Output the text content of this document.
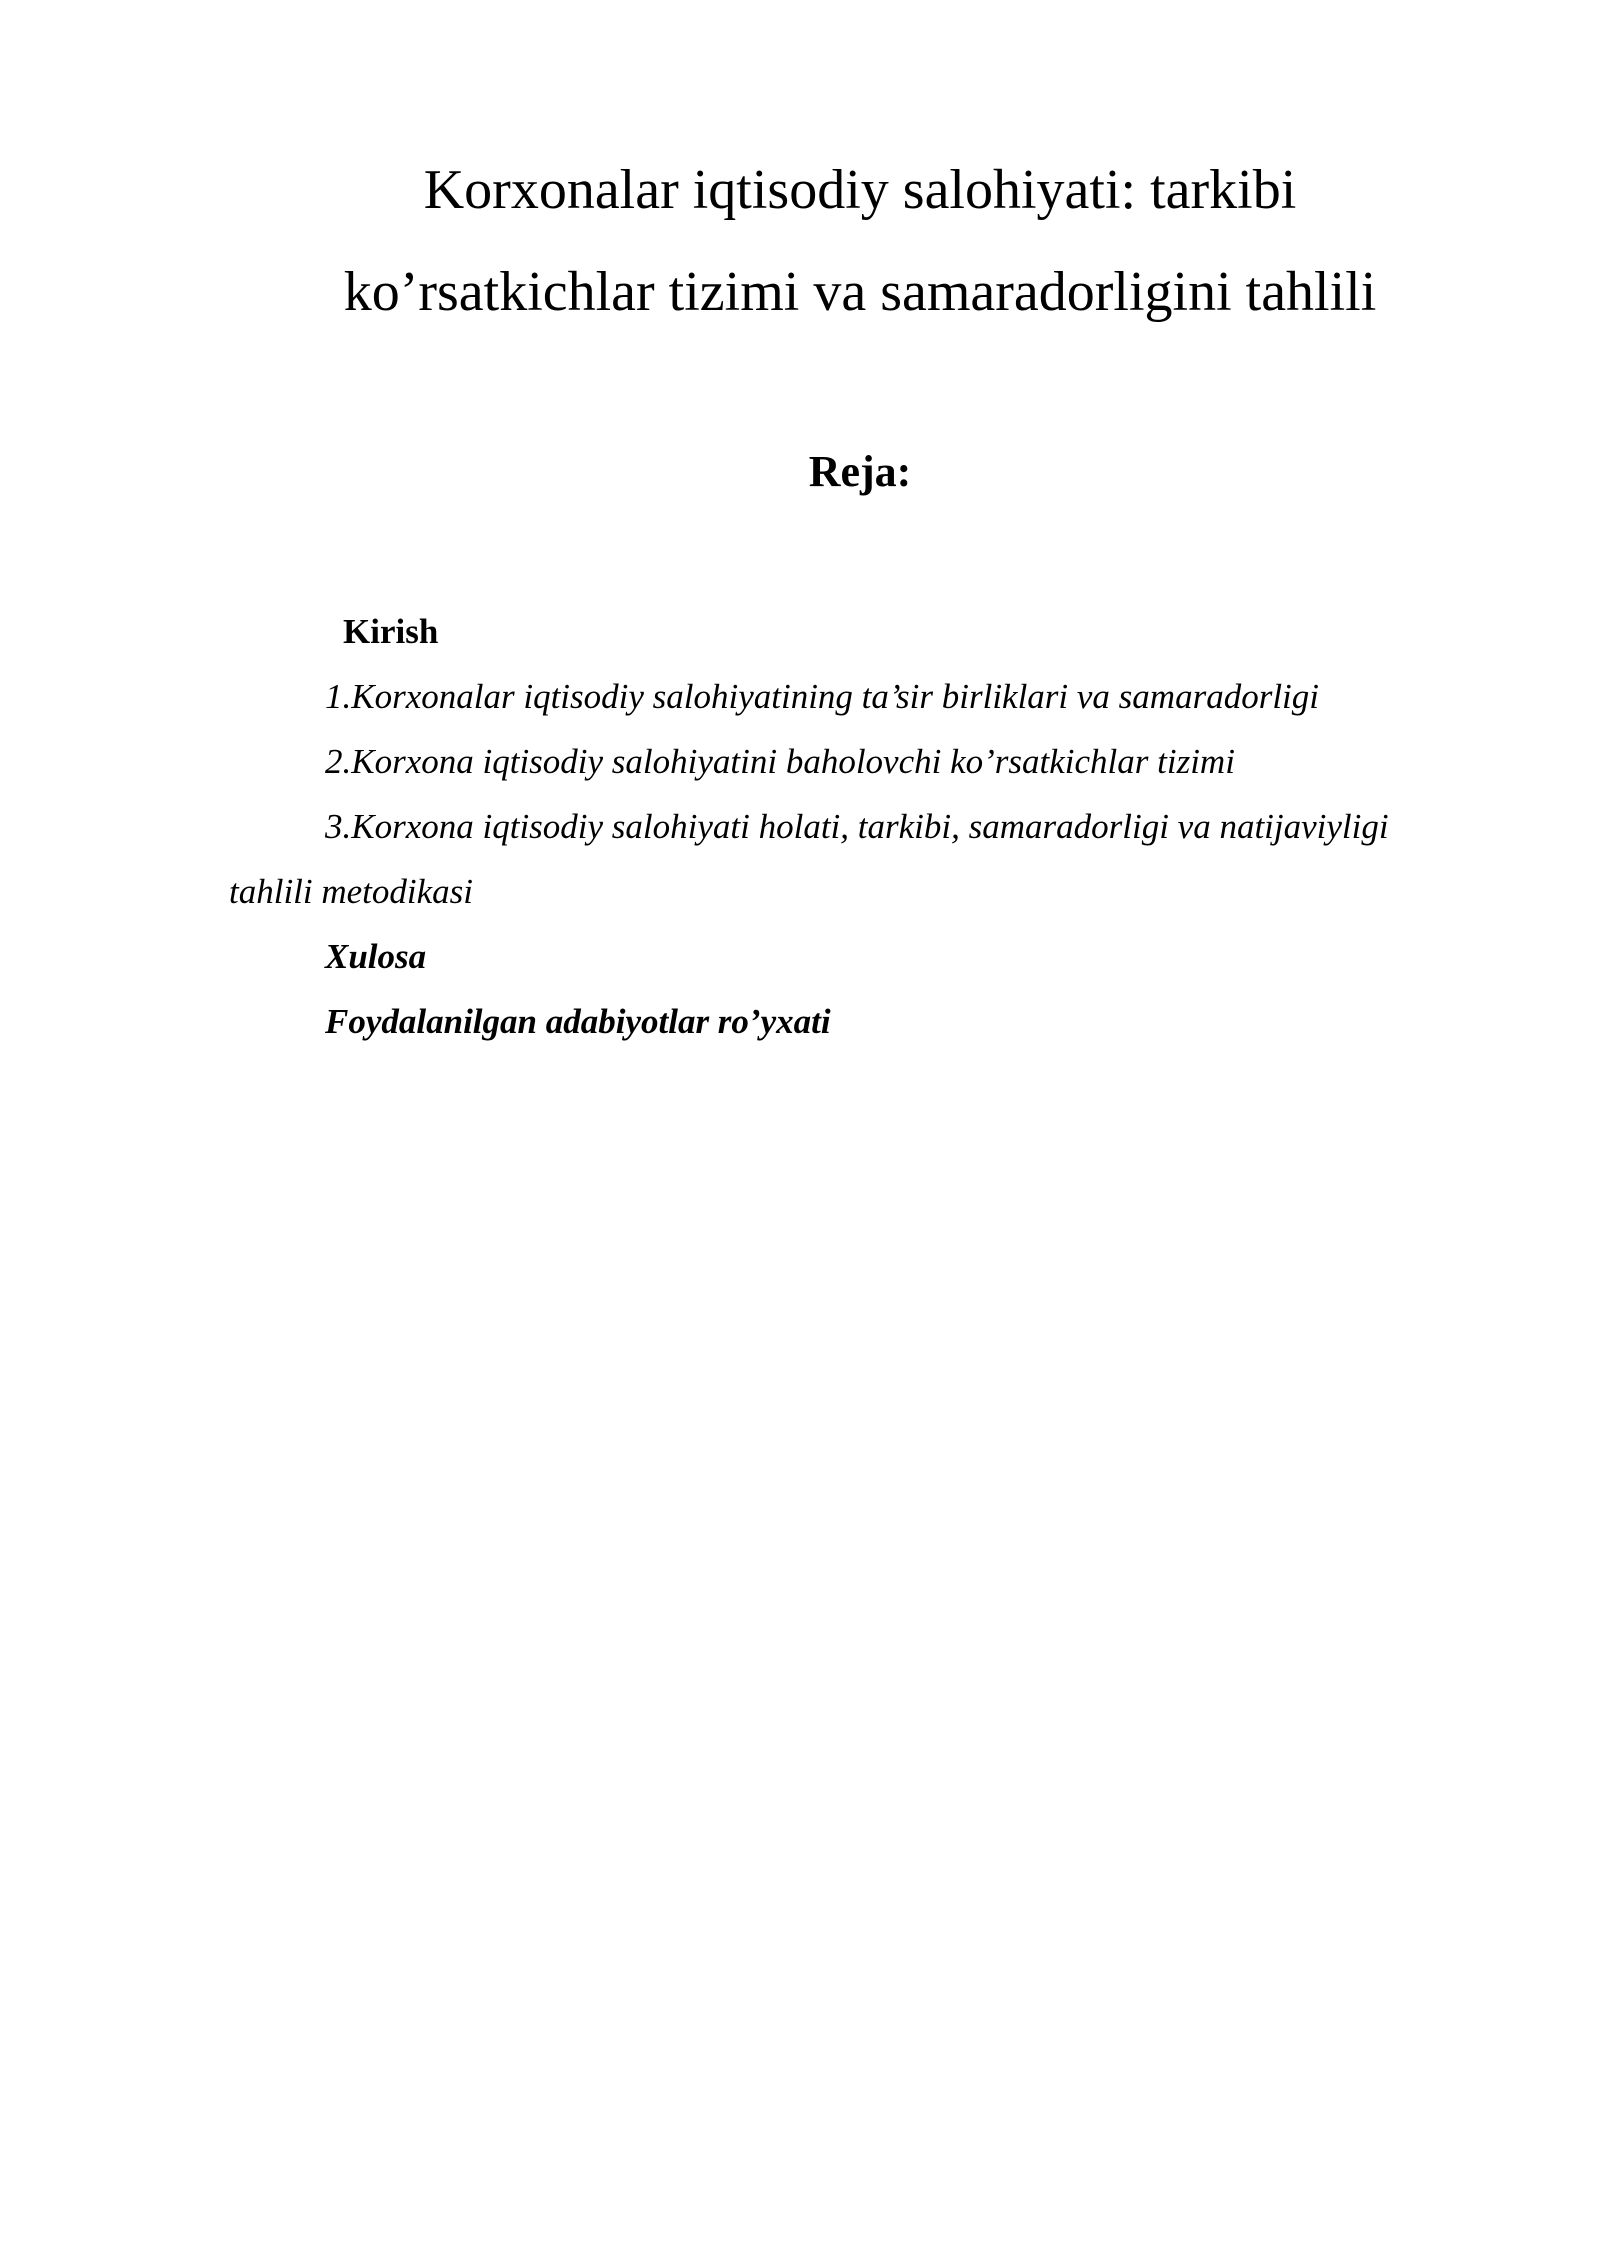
Korxonalar iqtisodiy salohiyati: tarkibi
ko’rsatkichlar tizimi va samaradorligini tahlili
Reja:

Kirish

1.Korxonalar iqtisodiy salohiyatining ta’sir birliklari va samaradorligi

2.Korxona iqtisodiy salohiyatini baholovchi ko’rsatkichlar tizimi

3.Korxona iqtisodiy salohiyati holati, tarkibi, samaradorligi va natijaviyligi

tahlili metodikasi

Xulosa

Foydalanilgan adabiyotlar ro’yxati
